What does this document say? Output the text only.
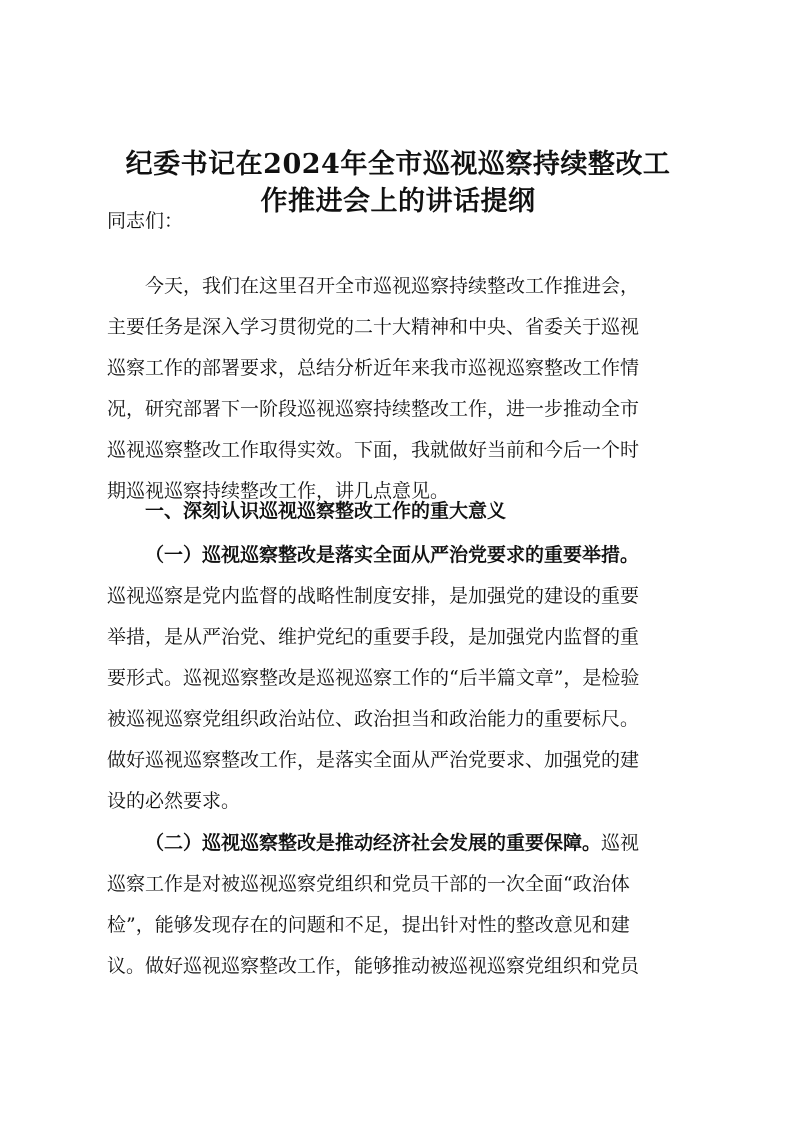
纪委书记在2024年全市巡视巡察持续整改工
作推进会上的讲话提纲
同志们：
今天，我们在这里召开全市巡视巡察持续整改工作推进会，
主要任务是深入学习贯彻党的二十大精神和中央、省委关于巡视
巡察工作的部署要求，总结分析近年来我市巡视巡察整改工作情
况，研究部署下一阶段巡视巡察持续整改工作，进一步推动全市
巡视巡察整改工作取得实效。下面，我就做好当前和今后一个时
期巡视巡察持续整改工作，讲几点意见。
一、深刻认识巡视巡察整改工作的重大意义
（一）巡视巡察整改是落实全面从严治党要求的重要举措。
巡视巡察是党内监督的战略性制度安排，是加强党的建设的重要
举措，是从严治党、维护党纪的重要手段，是加强党内监督的重
要形式。巡视巡察整改是巡视巡察工作的“后半篇文章”，是检验
被巡视巡察党组织政治站位、政治担当和政治能力的重要标尺。
做好巡视巡察整改工作，是落实全面从严治党要求、加强党的建
设的必然要求。
（二）巡视巡察整改是推动经济社会发展的重要保障。巡视
巡察工作是对被巡视巡察党组织和党员干部的一次全面“政治体
检”，能够发现存在的问题和不足，提出针对性的整改意见和建
议。做好巡视巡察整改工作，能够推动被巡视巡察党组织和党员
